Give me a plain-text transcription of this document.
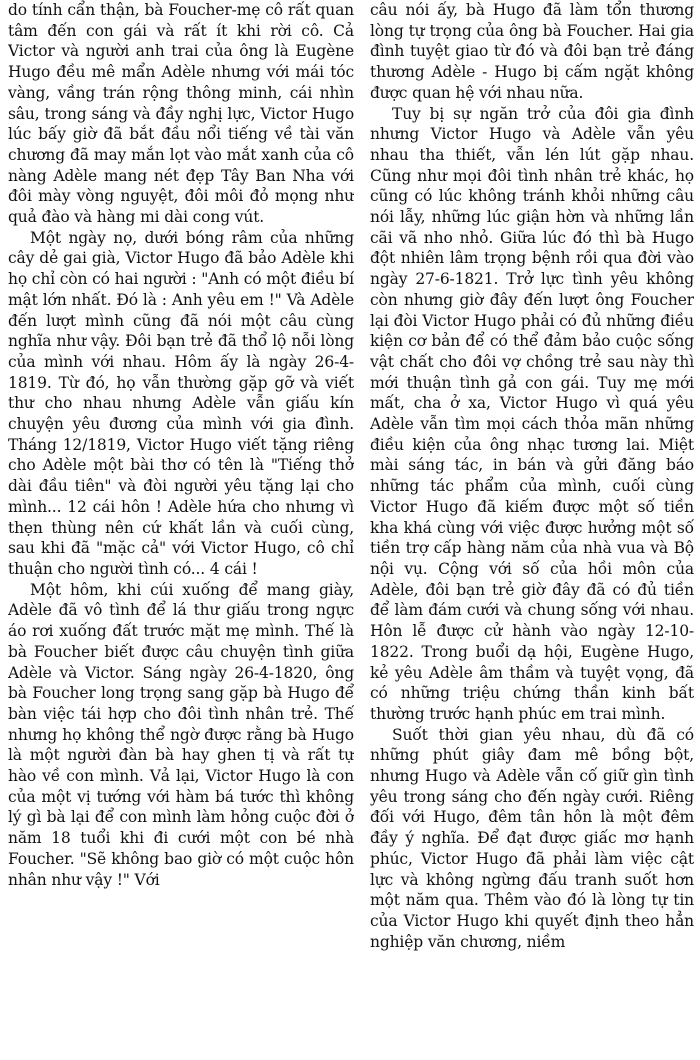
do tính cẩn thận, bà Foucher-mẹ cô rất quan tâm đến con gái và rất ít khi rời cô. Cả Victor và người anh trai của ông là Eugène Hugo đều mê mẩn Adèle nhưng với mái tóc vàng, vầng trán rộng thông minh, cái nhìn sâu, trong sáng và đầy nghị lực, Victor Hugo lúc bấy giờ đã bắt đầu nổi tiếng về tài văn chương đã may mắn lọt vào mắt xanh của cô nàng Adèle mang nét đẹp Tây Ban Nha với đôi mày vòng nguyệt, đôi môi đỏ mọng như quả đào và hàng mi dài cong vút.

Một ngày nọ, dưới bóng râm của những cây dẻ gai già, Victor Hugo đã bảo Adèle khi họ chỉ còn có hai người : "Anh có một điều bí mật lớn nhất. Đó là : Anh yêu em !" Và Adèle đến lượt mình cũng đã nói một câu cùng nghĩa như vậy. Đôi bạn trẻ đã thổ lộ nỗi lòng của mình với nhau. Hôm ấy là ngày 26-4-1819. Từ đó, họ vẫn thường gặp gỡ và viết thư cho nhau nhưng Adèle vẫn giấu kín chuyện yêu đương của mình với gia đình. Tháng 12/1819, Victor Hugo viết tặng riêng cho Adèle một bài thơ có tên là "Tiếng thở dài đầu tiên" và đòi người yêu tặng lại cho mình... 12 cái hôn ! Adèle hứa cho nhưng vì thẹn thùng nên cứ khất lần và cuối cùng, sau khi đã "mặc cả" với Victor Hugo, cô chỉ thuận cho người tình có... 4 cái !

Một hôm, khi cúi xuống để mang giày, Adèle đã vô tình để lá thư giấu trong ngực áo rơi xuống đất trước mặt mẹ mình. Thế là bà Foucher biết được câu chuyện tình giữa Adèle và Victor. Sáng ngày 26-4-1820, ông bà Foucher long trọng sang gặp bà Hugo để bàn việc tái hợp cho đôi tình nhân trẻ. Thế nhưng họ không thể ngờ được rằng bà Hugo là một người đàn bà hay ghen tị và rất tự hào về con mình. Vả lại, Victor Hugo là con của một vị tướng với hàm bá tước thì không lý gì bà lại để con mình làm hỏng cuộc đời ở năm 18 tuổi khi đi cưới một con bé nhà Foucher. "Sẽ không bao giờ có một cuộc hôn nhân như vậy !" Với

câu nói ấy, bà Hugo đã làm tổn thương lòng tự trọng của ông bà Foucher. Hai gia đình tuyệt giao từ đó và đôi bạn trẻ đáng thương Adèle - Hugo bị cấm ngặt không được quan hệ với nhau nữa.

Tuy bị sự ngăn trở của đôi gia đình nhưng Victor Hugo và Adèle vẫn yêu nhau tha thiết, vẫn lén lút gặp nhau. Cũng như mọi đôi tình nhân trẻ khác, họ cũng có lúc không tránh khỏi những câu nói lẫy, những lúc giận hờn và những lần cãi vã nho nhỏ. Giữa lúc đó thì bà Hugo đột nhiên lâm trọng bệnh rồi qua đời vào ngày 27-6-1821. Trở lực tình yêu không còn nhưng giờ đây đến lượt ông Foucher lại đòi Victor Hugo phải có đủ những điều kiện cơ bản để có thể đảm bảo cuộc sống vật chất cho đôi vợ chồng trẻ sau này thì mới thuận tình gả con gái. Tuy mẹ mới mất, cha ở xa, Victor Hugo vì quá yêu Adèle vẫn tìm mọi cách thỏa mãn những điều kiện của ông nhạc tương lai. Miệt mài sáng tác, in bán và gửi đăng báo những tác phẩm của mình, cuối cùng Victor Hugo đã kiếm được một số tiền kha khá cùng với việc được hưởng một số tiền trợ cấp hàng năm của nhà vua và Bộ nội vụ. Cộng với số của hồi môn của Adèle, đôi bạn trẻ giờ đây đã có đủ tiền để làm đám cưới và chung sống với nhau. Hôn lễ được cử hành vào ngày 12-10-1822. Trong buổi dạ hội, Eugène Hugo, kẻ yêu Adèle âm thầm và tuyệt vọng, đã có những triệu chứng thần kinh bất thường trước hạnh phúc em trai mình.

Suốt thời gian yêu nhau, dù đã có những phút giây đam mê bồng bột, nhưng Hugo và Adèle vẫn cố giữ gìn tình yêu trong sáng cho đến ngày cưới. Riêng đối với Hugo, đêm tân hôn là một đêm đầy ý nghĩa. Để đạt được giấc mơ hạnh phúc, Victor Hugo đã phải làm việc cật lực và không ngừng đấu tranh suốt hơn một năm qua. Thêm vào đó là lòng tự tin của Victor Hugo khi quyết định theo hẳn nghiệp văn chương, niềm
